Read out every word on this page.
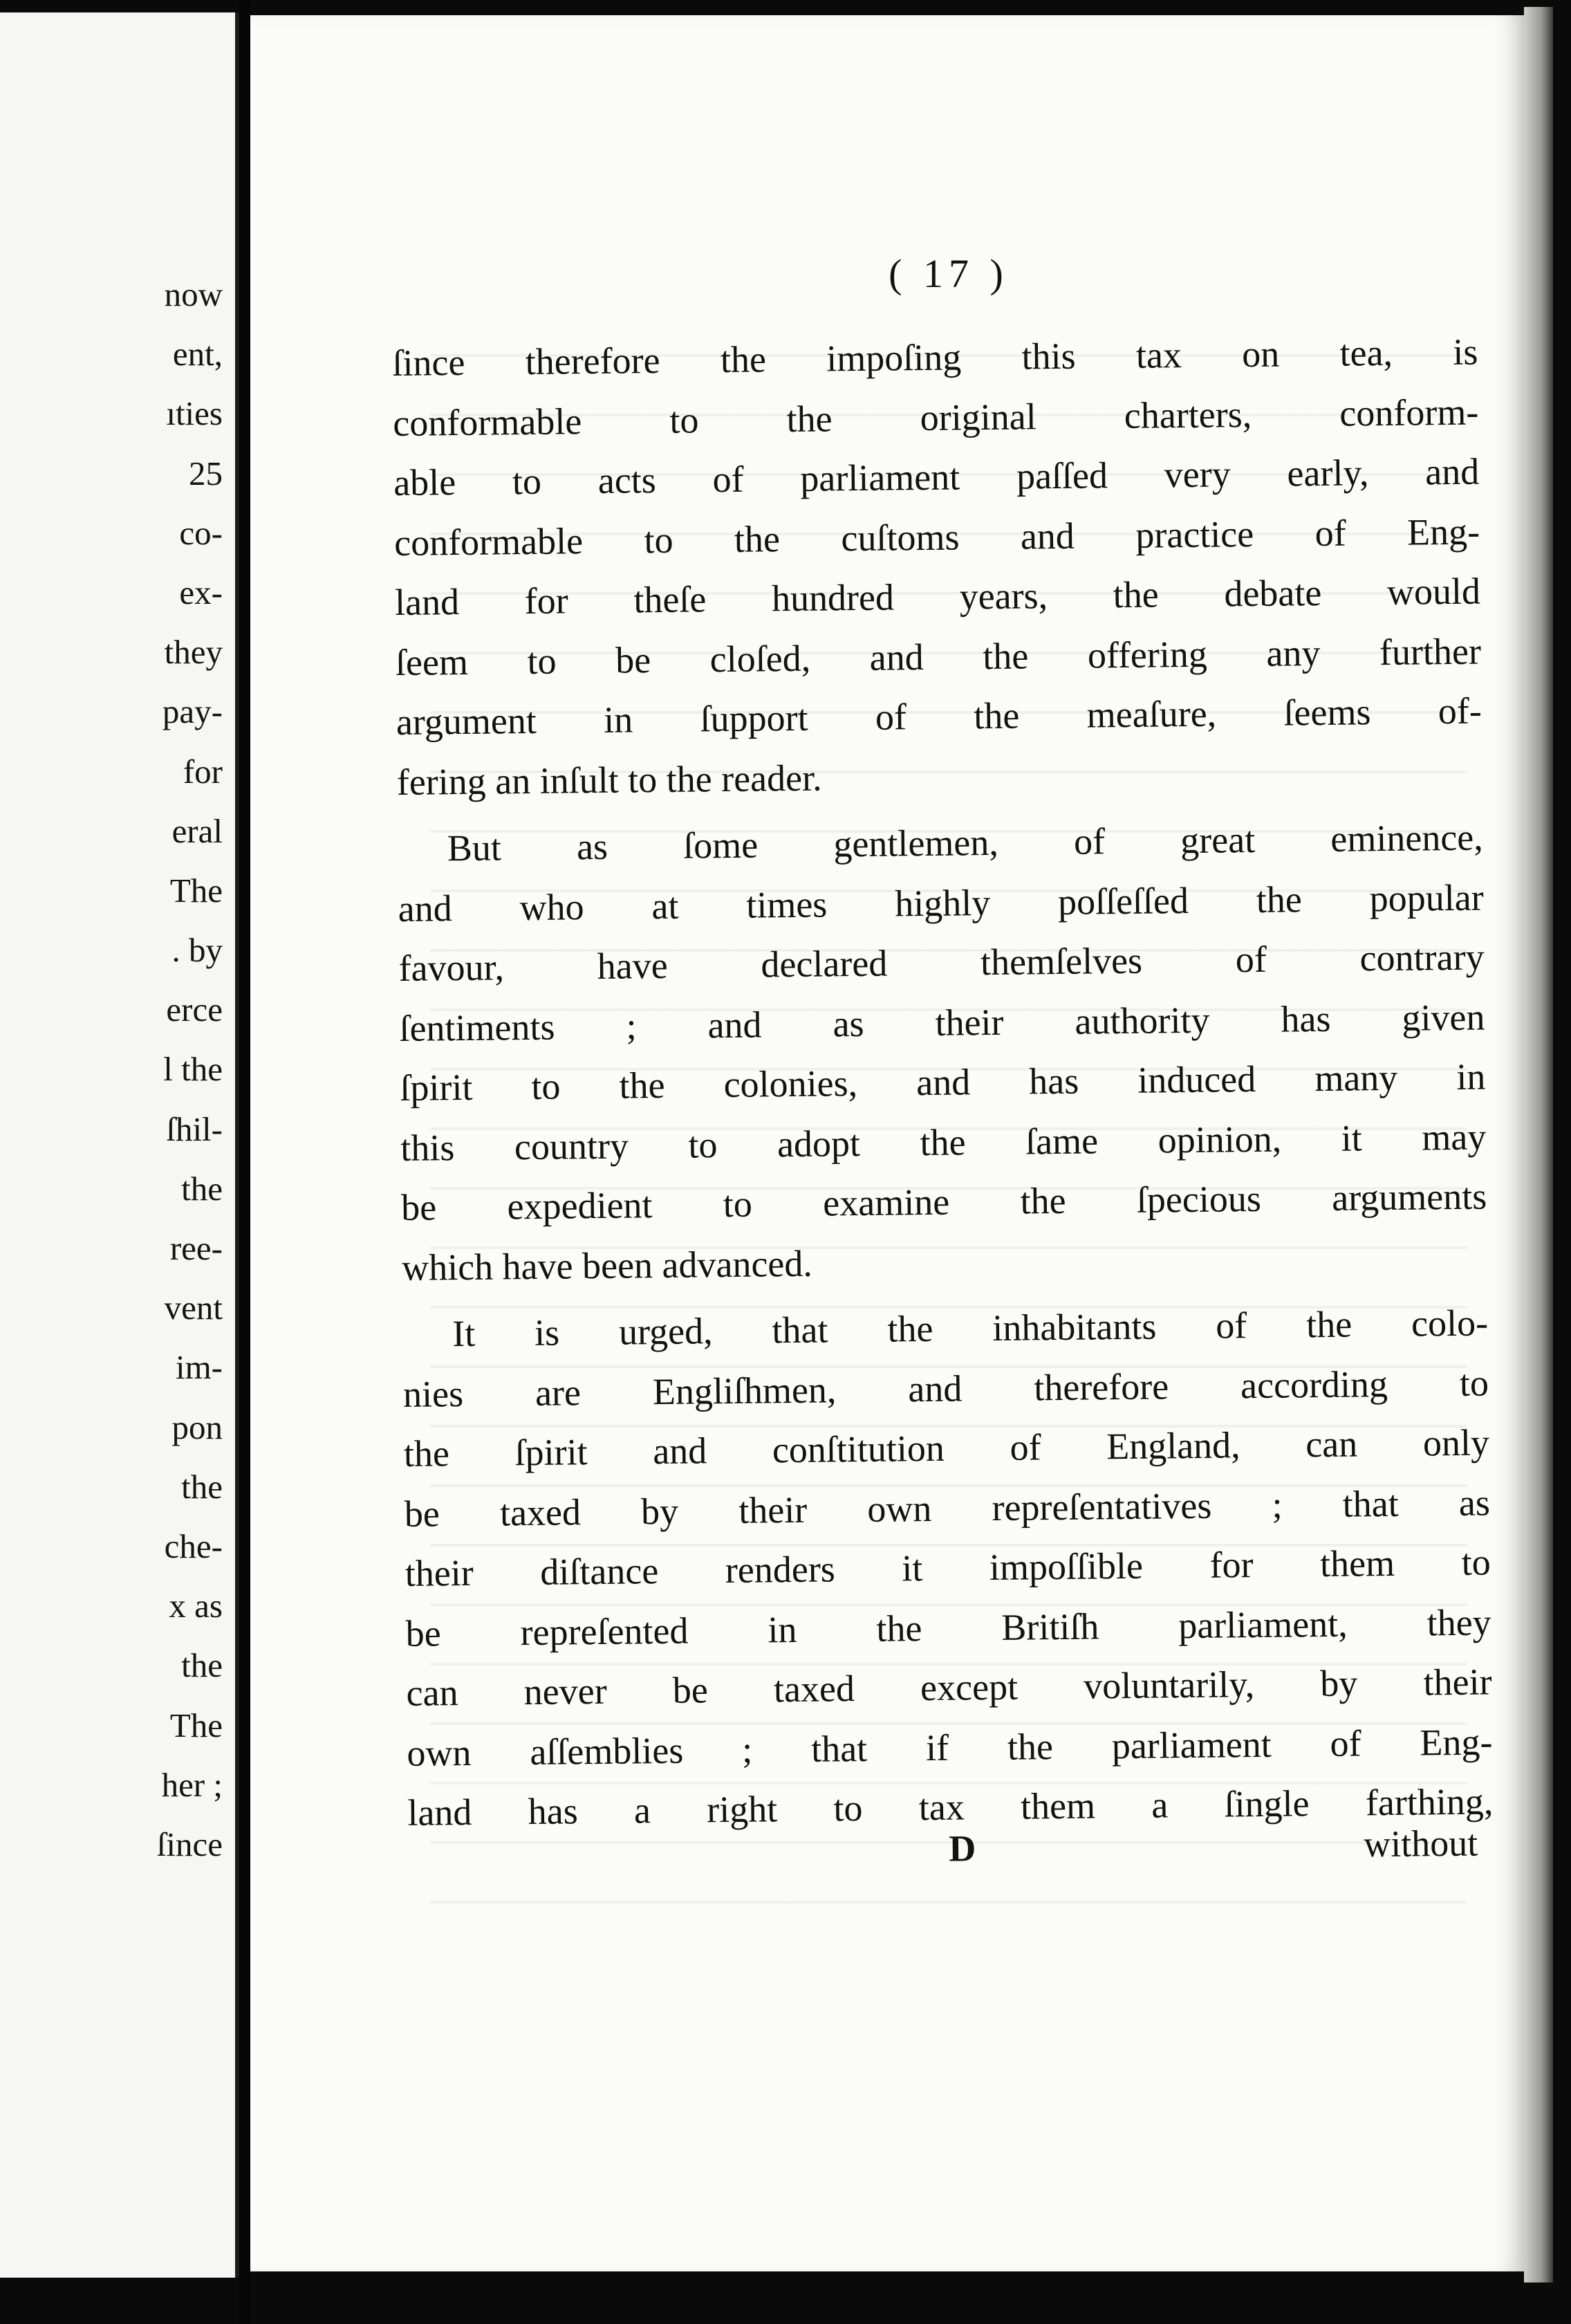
now
ent,
ıties
25
co-
ex-
they
pay-
for
eral
The
. by
erce
l the
ſhil-
the
ree-
vent
im-
pon
the
che-
x as
the
The
her ;
ſince
( 17 )
ſince therefore the impoſing this tax on tea, is
conformable to the original charters, conform-
able to acts of parliament paſſed very early, and
conformable to the cuſtoms and practice of Eng-
land for theſe hundred years, the debate would
ſeem to be cloſed, and the offering any further
argument in ſupport of the meaſure, ſeems of-
fering an inſult to the reader.
But as ſome gentlemen, of great eminence,
and who at times highly poſſeſſed the popular
favour, have declared themſelves of contrary
ſentiments ; and as their authority has given
ſpirit to the colonies, and has induced many in
this country to adopt the ſame opinion, it may
be expedient to examine the ſpecious arguments
which have been advanced.
It is urged, that the inhabitants of the colo-
nies are Engliſhmen, and therefore according to
the ſpirit and conſtitution of England, can only
be taxed by their own repreſentatives ; that as
their diſtance renders it impoſſible for them to
be repreſented in the Britiſh parliament, they
can never be taxed except voluntarily, by their
own aſſemblies ; that if the parliament of Eng-
land has a right to tax them a ſingle farthing,
D	without
